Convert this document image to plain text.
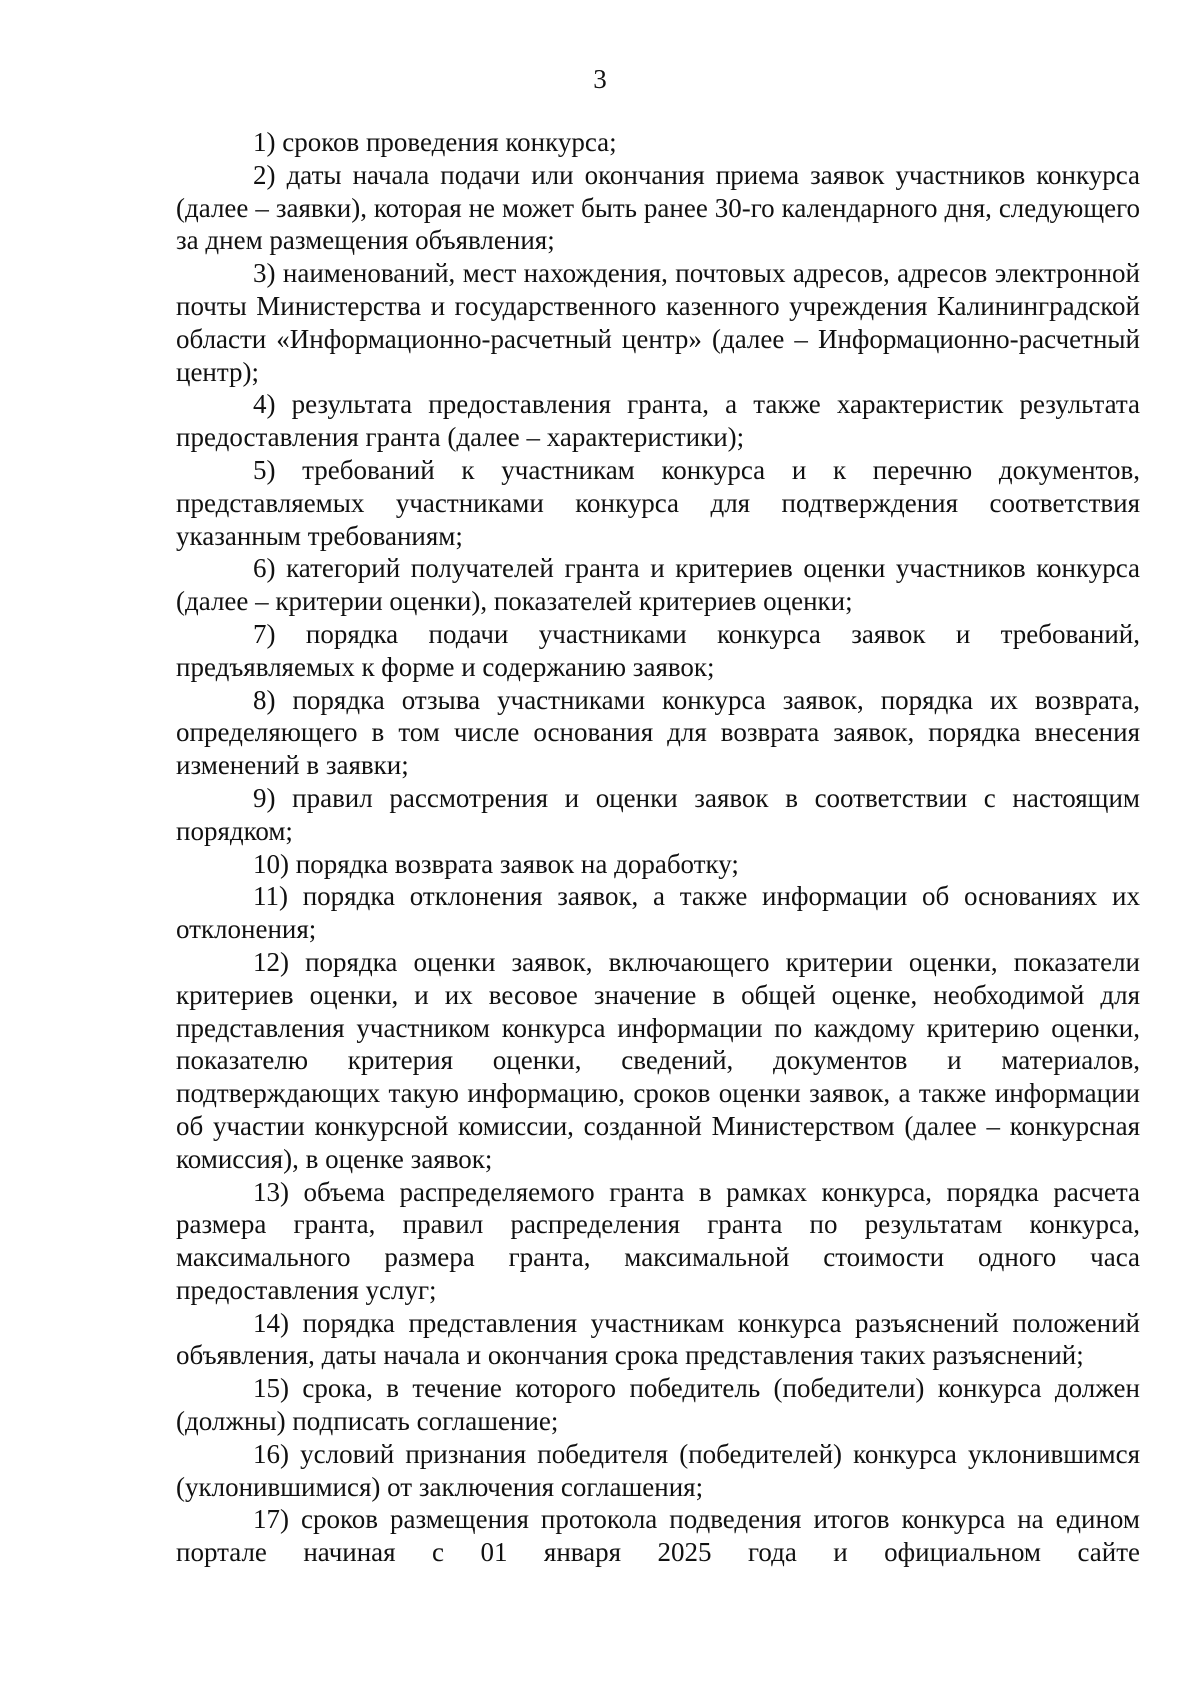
3

1) сроков проведения конкурса;

2) даты начала подачи или окончания приема заявок участников конкурса (далее – заявки), которая не может быть ранее 30-го календарного дня, следующего за днем размещения объявления;

3) наименований, мест нахождения, почтовых адресов, адресов электронной почты Министерства и государственного казенного учреждения Калининградской области «Информационно-расчетный центр» (далее – Информационно-расчетный центр);

4) результата предоставления гранта, а также характеристик результата предоставления гранта (далее – характеристики);

5) требований к участникам конкурса и к перечню документов, представляемых участниками конкурса для подтверждения соответствия указанным требованиям;

6) категорий получателей гранта и критериев оценки участников конкурса (далее – критерии оценки), показателей критериев оценки;

7) порядка подачи участниками конкурса заявок и требований, предъявляемых к форме и содержанию заявок;

8) порядка отзыва участниками конкурса заявок, порядка их возврата, определяющего в том числе основания для возврата заявок, порядка внесения изменений в заявки;

9) правил рассмотрения и оценки заявок в соответствии с настоящим порядком;

10) порядка возврата заявок на доработку;

11) порядка отклонения заявок, а также информации об основаниях их отклонения;

12) порядка оценки заявок, включающего критерии оценки, показатели критериев оценки, и их весовое значение в общей оценке, необходимой для представления участником конкурса информации по каждому критерию оценки, показателю критерия оценки, сведений, документов и материалов, подтверждающих такую информацию, сроков оценки заявок, а также информации об участии конкурсной комиссии, созданной Министерством (далее – конкурсная комиссия), в оценке заявок;

13) объема распределяемого гранта в рамках конкурса, порядка расчета размера гранта, правил распределения гранта по результатам конкурса, максимального размера гранта, максимальной стоимости одного часа предоставления услуг;

14) порядка представления участникам конкурса разъяснений положений объявления, даты начала и окончания срока представления таких разъяснений;

15) срока, в течение которого победитель (победители) конкурса должен (должны) подписать соглашение;

16) условий признания победителя (победителей) конкурса уклонившимся (уклонившимися) от заключения соглашения;

17) сроков размещения протокола подведения итогов конкурса на едином портале начиная с 01 января 2025 года и официальном сайте
